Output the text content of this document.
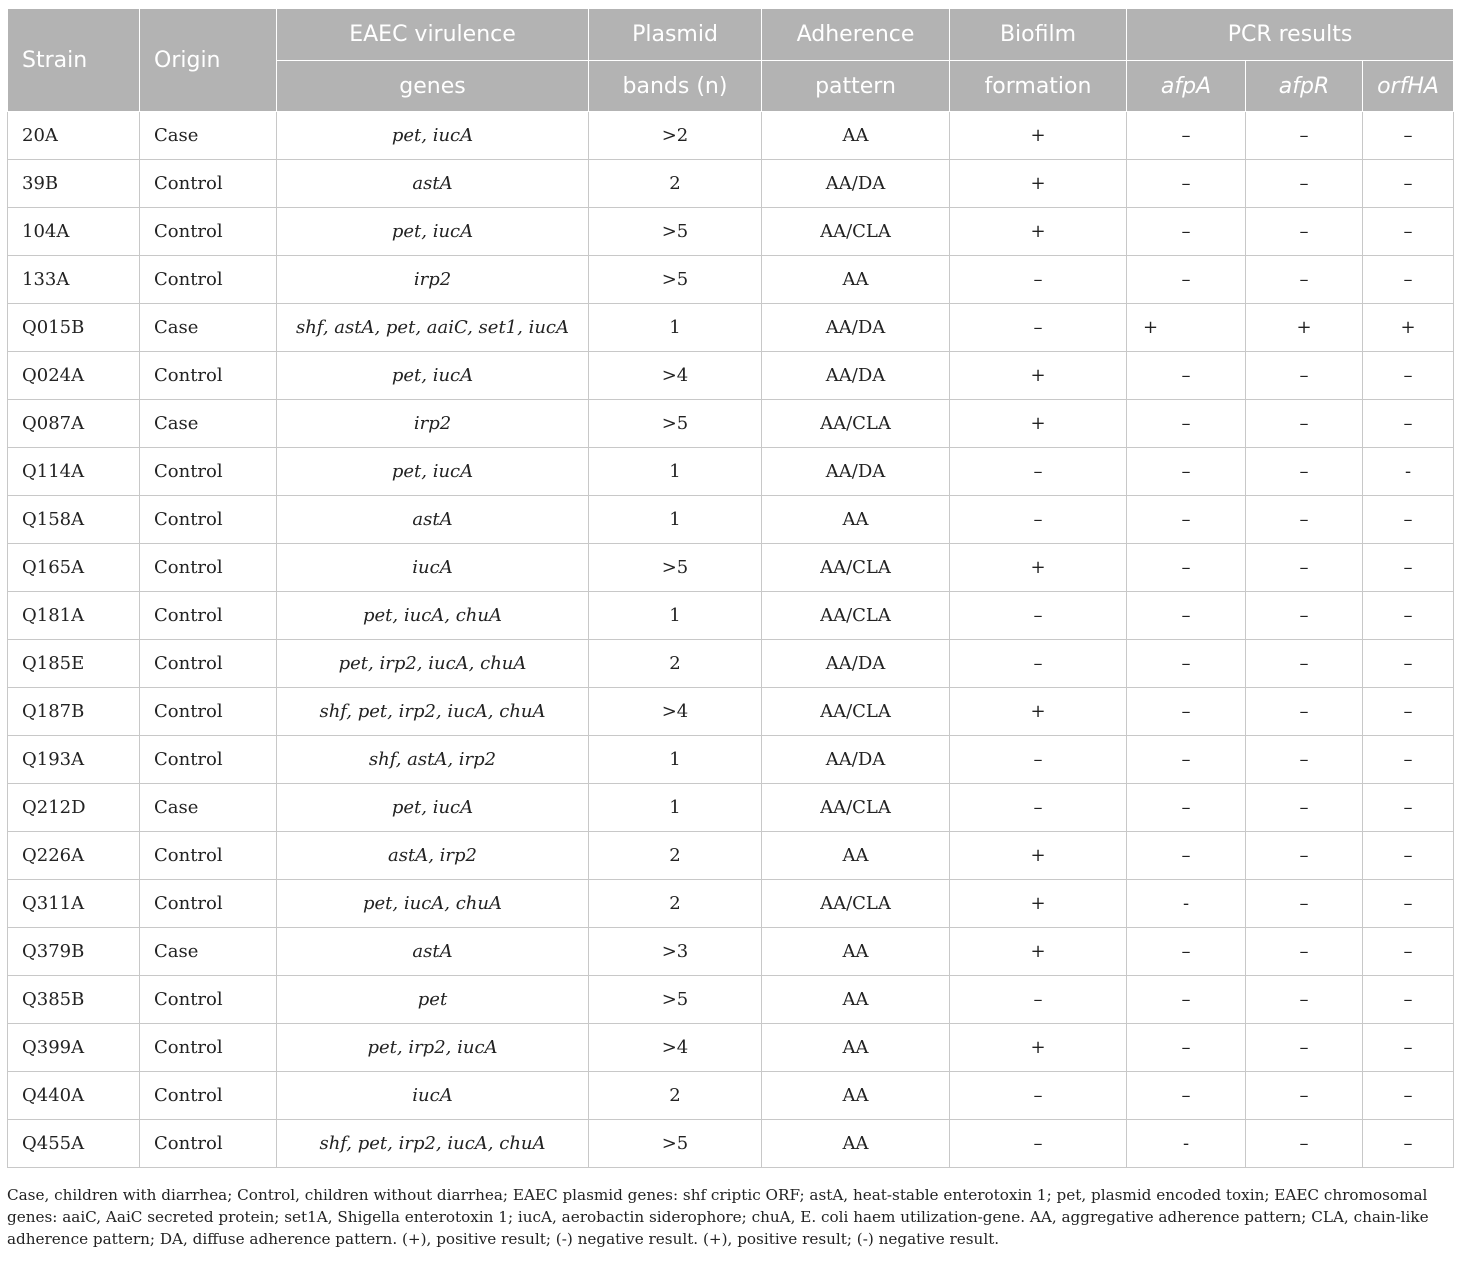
Strain	Origin	EAEC virulence	Plasmid	Adherence	Biofilm	PCR results		
		genes	bands (n)	pattern	formation	afpA	afpR	orfHA
20A	Case	pet, iucA	>2	AA	+	–	–	–
39B	Control	astA	2	AA/DA	+	–	–	–
104A	Control	pet, iucA	>5	AA/CLA	+	–	–	–
133A	Control	irp2	>5	AA	–	–	–	–
Q015B	Case	shf, astA, pet, aaiC, set1, iucA	1	AA/DA	–	+	+	+
Q024A	Control	pet, iucA	>4	AA/DA	+	–	–	–
Q087A	Case	irp2	>5	AA/CLA	+	–	–	–
Q114A	Control	pet, iucA	1	AA/DA	–	–	–	-
Q158A	Control	astA	1	AA	–	–	–	–
Q165A	Control	iucA	>5	AA/CLA	+	–	–	–
Q181A	Control	pet, iucA, chuA	1	AA/CLA	–	–	–	–
Q185E	Control	pet, irp2, iucA, chuA	2	AA/DA	–	–	–	–
Q187B	Control	shf, pet, irp2, iucA, chuA	>4	AA/CLA	+	–	–	–
Q193A	Control	shf, astA, irp2	1	AA/DA	–	–	–	–
Q212D	Case	pet, iucA	1	AA/CLA	–	–	–	–
Q226A	Control	astA, irp2	2	AA	+	–	–	–
Q311A	Control	pet, iucA, chuA	2	AA/CLA	+	-	–	–
Q379B	Case	astA	>3	AA	+	–	–	–
Q385B	Control	pet	>5	AA	–	–	–	–
Q399A	Control	pet, irp2, iucA	>4	AA	+	–	–	–
Q440A	Control	iucA	2	AA	–	–	–	–
Q455A	Control	shf, pet, irp2, iucA, chuA	>5	AA	–	-	–	–
Case, children with diarrhea; Control, children without diarrhea; EAEC plasmid genes: shf criptic ORF; astA, heat-stable enterotoxin 1; pet, plasmid encoded toxin; EAEC chromosomal genes: aaiC, AaiC secreted protein; set1A, Shigella enterotoxin 1; iucA, aerobactin siderophore; chuA, E. coli haem utilization-gene. AA, aggregative adherence pattern; CLA, chain-like adherence pattern; DA, diffuse adherence pattern. (+), positive result; (-) negative result. (+), positive result; (-) negative result.
